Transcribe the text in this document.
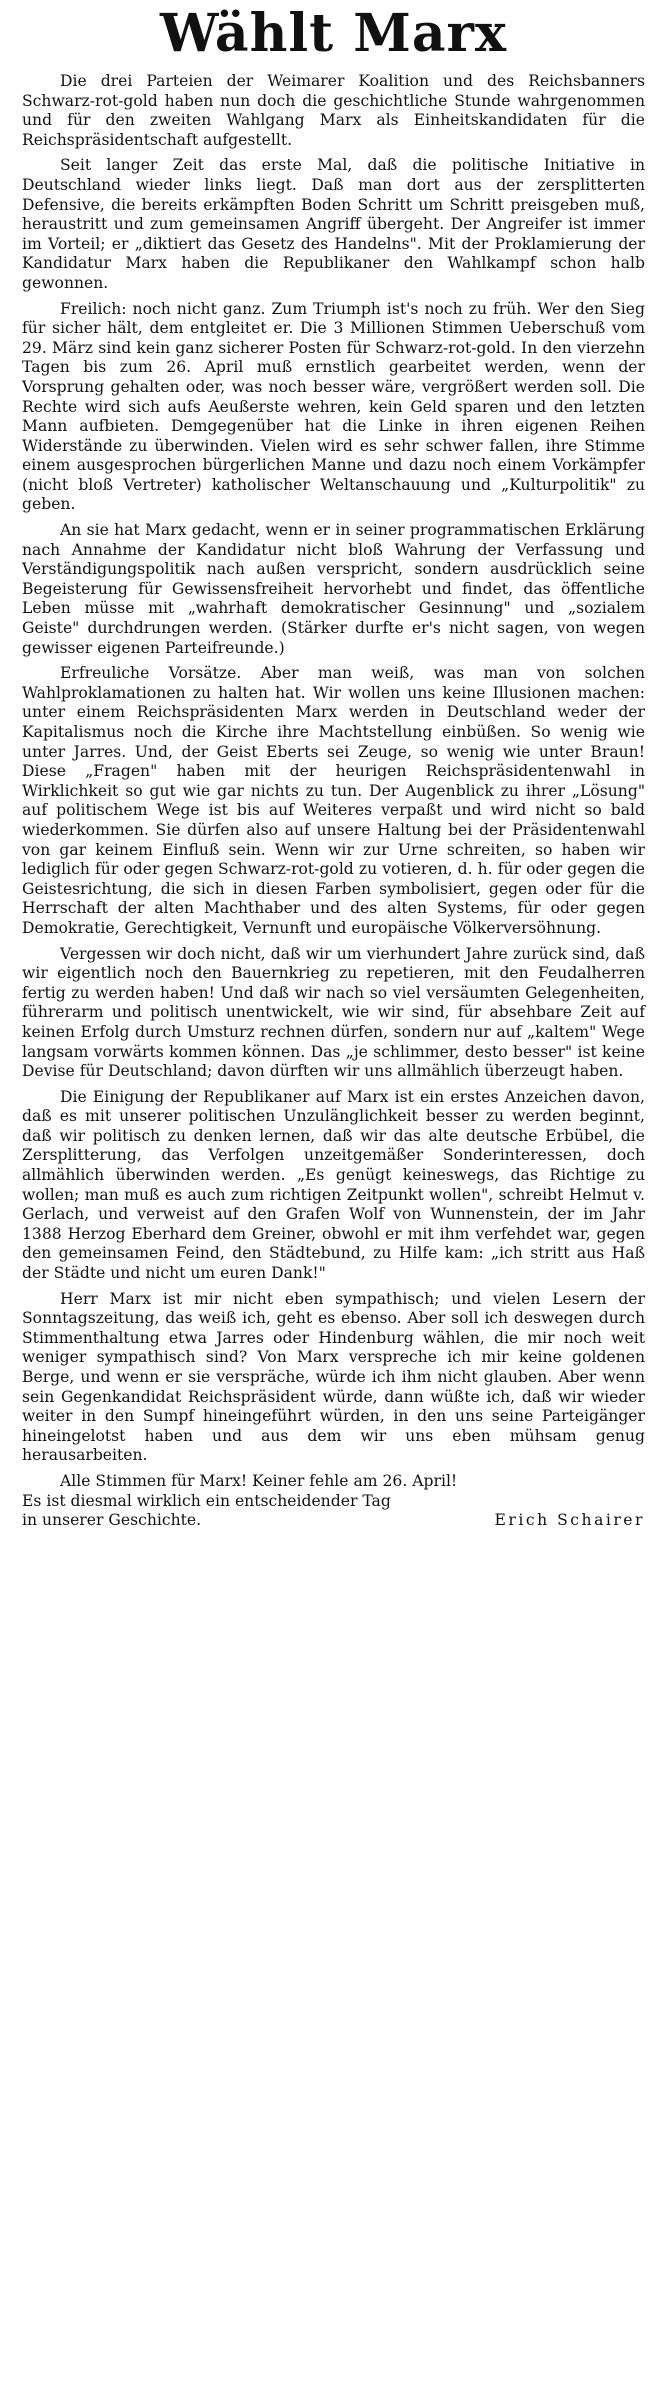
Wählt Marx

Die drei Parteien der Weimarer Koalition und des Reichsbanners Schwarz-rot-gold haben nun doch die geschichtliche Stunde wahrgenommen und für den zweiten Wahlgang Marx als Einheitskandidaten für die Reichspräsidentschaft aufgestellt.

Seit langer Zeit das erste Mal, daß die politische Initiative in Deutschland wieder links liegt. Daß man dort aus der zersplitterten Defensive, die bereits erkämpften Boden Schritt um Schritt preisgeben muß, heraustritt und zum gemeinsamen Angriff übergeht. Der Angreifer ist immer im Vorteil; er „diktiert das Gesetz des Handelns". Mit der Proklamierung der Kandidatur Marx haben die Republikaner den Wahlkampf schon halb gewonnen.

Freilich: noch nicht ganz. Zum Triumph ist's noch zu früh. Wer den Sieg für sicher hält, dem entgleitet er. Die 3 Millionen Stimmen Ueberschuß vom 29. März sind kein ganz sicherer Posten für Schwarz-rot-gold. In den vierzehn Tagen bis zum 26. April muß ernstlich gearbeitet werden, wenn der Vorsprung gehalten oder, was noch besser wäre, vergrößert werden soll. Die Rechte wird sich aufs Aeußerste wehren, kein Geld sparen und den letzten Mann aufbieten. Demgegenüber hat die Linke in ihren eigenen Reihen Widerstände zu überwinden. Vielen wird es sehr schwer fallen, ihre Stimme einem ausgesprochen bürgerlichen Manne und dazu noch einem Vorkämpfer (nicht bloß Vertreter) katholischer Weltanschauung und „Kulturpolitik" zu geben.

An sie hat Marx gedacht, wenn er in seiner programmatischen Erklärung nach Annahme der Kandidatur nicht bloß Wahrung der Verfassung und Verständigungspolitik nach außen verspricht, sondern ausdrücklich seine Begeisterung für Gewissensfreiheit hervorhebt und findet, das öffentliche Leben müsse mit „wahrhaft demokratischer Gesinnung" und „sozialem Geiste" durchdrungen werden. (Stärker durfte er's nicht sagen, von wegen gewisser eigenen Parteifreunde.)

Erfreuliche Vorsätze. Aber man weiß, was man von solchen Wahlproklamationen zu halten hat. Wir wollen uns keine Illusionen machen: unter einem Reichspräsidenten Marx werden in Deutschland weder der Kapitalismus noch die Kirche ihre Machtstellung einbüßen. So wenig wie unter Jarres. Und, der Geist Eberts sei Zeuge, so wenig wie unter Braun! Diese „Fragen" haben mit der heurigen Reichspräsidentenwahl in Wirklichkeit so gut wie gar nichts zu tun. Der Augenblick zu ihrer „Lösung" auf politischem Wege ist bis auf Weiteres verpaßt und wird nicht so bald wiederkommen. Sie dürfen also auf unsere Haltung bei der Präsidentenwahl von gar keinem Einfluß sein. Wenn wir zur Urne schreiten, so haben wir lediglich für oder gegen Schwarz-rot-gold zu votieren, d. h. für oder gegen die Geistesrichtung, die sich in diesen Farben symbolisiert, gegen oder für die Herrschaft der alten Machthaber und des alten Systems, für oder gegen Demokratie, Gerechtigkeit, Vernunft und europäische Völkerversöhnung.

Vergessen wir doch nicht, daß wir um vierhundert Jahre zurück sind, daß wir eigentlich noch den Bauernkrieg zu repetieren, mit den Feudalherren fertig zu werden haben! Und daß wir nach so viel versäumten Gelegenheiten, führerarm und politisch unentwickelt, wie wir sind, für absehbare Zeit auf keinen Erfolg durch Umsturz rechnen dürfen, sondern nur auf „kaltem" Wege langsam vorwärts kommen können. Das „je schlimmer, desto besser" ist keine Devise für Deutschland; davon dürften wir uns allmählich überzeugt haben.

Die Einigung der Republikaner auf Marx ist ein erstes Anzeichen davon, daß es mit unserer politischen Unzulänglichkeit besser zu werden beginnt, daß wir politisch zu denken lernen, daß wir das alte deutsche Erbübel, die Zersplitterung, das Verfolgen unzeitgemäßer Sonderinteressen, doch allmählich überwinden werden. „Es genügt keineswegs, das Richtige zu wollen; man muß es auch zum richtigen Zeitpunkt wollen", schreibt Helmut v. Gerlach, und verweist auf den Grafen Wolf von Wunnenstein, der im Jahr 1388 Herzog Eberhard dem Greiner, obwohl er mit ihm verfehdet war, gegen den gemeinsamen Feind, den Städtebund, zu Hilfe kam: „ich stritt aus Haß der Städte und nicht um euren Dank!"

Herr Marx ist mir nicht eben sympathisch; und vielen Lesern der Sonntagszeitung, das weiß ich, geht es ebenso. Aber soll ich deswegen durch Stimmenthaltung etwa Jarres oder Hindenburg wählen, die mir noch weit weniger sympathisch sind? Von Marx verspreche ich mir keine goldenen Berge, und wenn er sie verspräche, würde ich ihm nicht glauben. Aber wenn sein Gegenkandidat Reichspräsident würde, dann wüßte ich, daß wir wieder weiter in den Sumpf hineingeführt würden, in den uns seine Parteigänger hineingelotst haben und aus dem wir uns eben mühsam genug herausarbeiten.

Alle Stimmen für Marx! Keiner fehle am 26. April!

Es ist diesmal wirklich ein entscheidender Tag
in unserer Geschichte.	Erich Schairer
